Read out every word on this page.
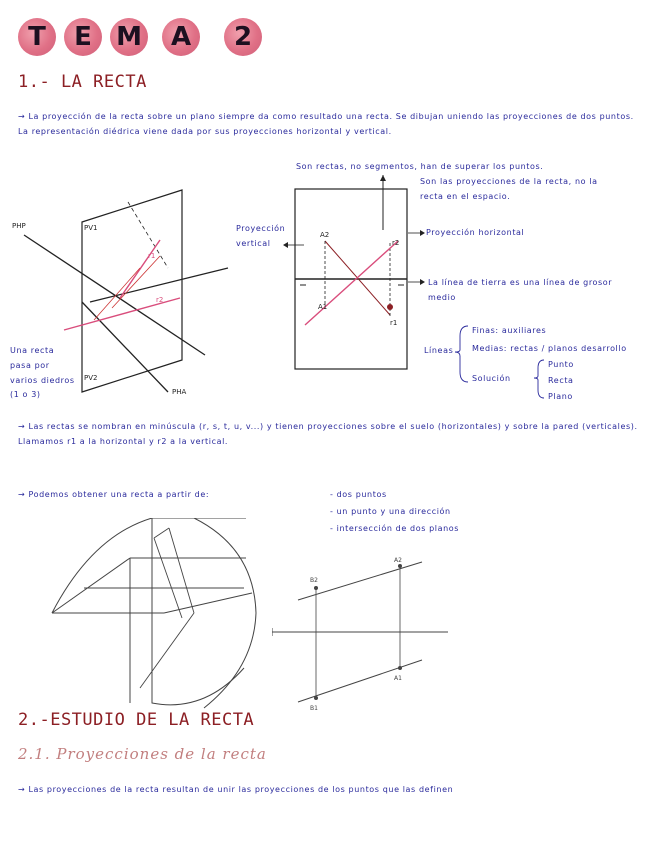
T	E M	A	2
1.- LA RECTA
→ La proyección de la recta sobre un plano siempre da como resultado una recta. Se dibujan uniendo las proyecciones de dos puntos. La representación diédrica viene dada por sus proyecciones horizontal y vertical.
Son rectas, no segmentos, han de superar los puntos.
Son las proyecciones de la recta, no la recta en el espacio.
Proyección vertical
Proyección horizontal
La línea de tierra es una línea de grosor medio
Una recta pasa por varios diedros (1 o 3)
Líneas
Finas: auxiliares
Medias: rectas / planos desarrollo
Solución
Punto
Recta
Plano
→ Las rectas se nombran en minúscula (r, s, t, u, v...) y tienen proyecciones sobre el suelo (horizontales) y sobre la pared (verticales). Llamamos r1 a la horizontal y r2 a la vertical.
→ Podemos obtener una recta a partir de:	- dos puntos
- un punto y una dirección
- intersección de dos planos
2.-ESTUDIO DE LA RECTA
2.1. Proyecciones de la recta
→ Las proyecciones de la recta resultan de unir las proyecciones de los puntos que las definen
PHP	PV1
PV2
PHA
r1
r2
A2
A1
r2
r1
B2
A2
A1
B1
